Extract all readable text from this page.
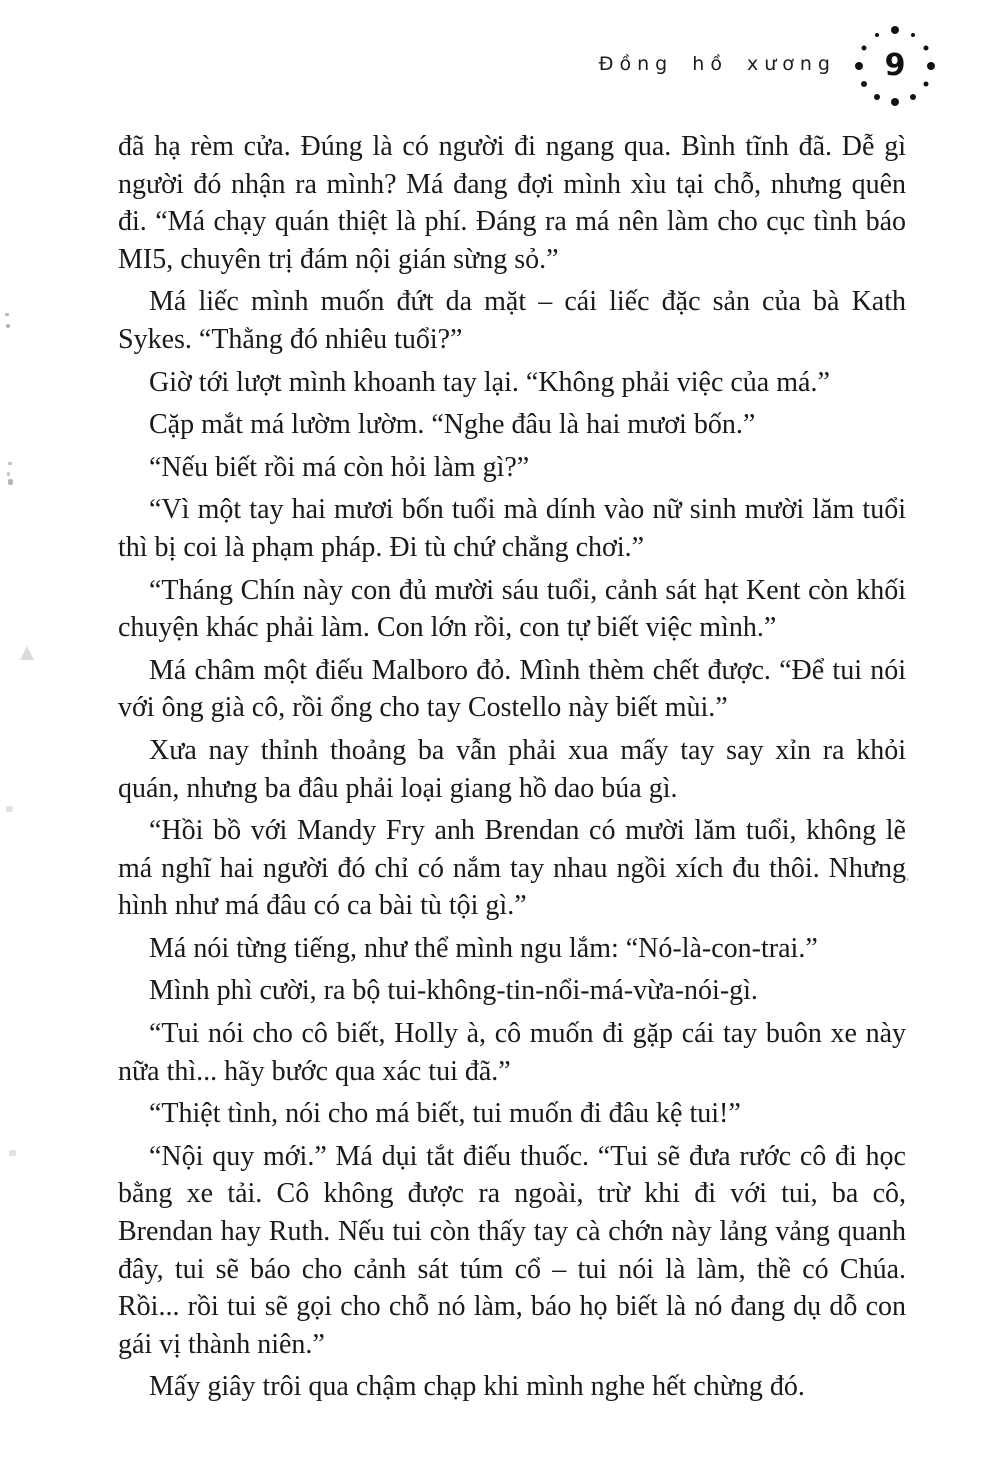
Đồng hồ xương 9

đã hạ rèm cửa. Đúng là có người đi ngang qua. Bình tĩnh đã. Dễ gì người đó nhận ra mình? Má đang đợi mình xìu tại chỗ, nhưng quên đi. “Má chạy quán thiệt là phí. Đáng ra má nên làm cho cục tình báo MI5, chuyên trị đám nội gián sừng sỏ.”

Má liếc mình muốn đứt da mặt – cái liếc đặc sản của bà Kath Sykes. “Thằng đó nhiêu tuổi?”

Giờ tới lượt mình khoanh tay lại. “Không phải việc của má.”

Cặp mắt má lườm lườm. “Nghe đâu là hai mươi bốn.”

“Nếu biết rồi má còn hỏi làm gì?”

“Vì một tay hai mươi bốn tuổi mà dính vào nữ sinh mười lăm tuổi thì bị coi là phạm pháp. Đi tù chứ chẳng chơi.”

“Tháng Chín này con đủ mười sáu tuổi, cảnh sát hạt Kent còn khối chuyện khác phải làm. Con lớn rồi, con tự biết việc mình.”

Má châm một điếu Malboro đỏ. Mình thèm chết được. “Để tui nói với ông già cô, rồi ổng cho tay Costello này biết mùi.”

Xưa nay thỉnh thoảng ba vẫn phải xua mấy tay say xỉn ra khỏi quán, nhưng ba đâu phải loại giang hồ dao búa gì.

“Hồi bồ với Mandy Fry anh Brendan có mười lăm tuổi, không lẽ má nghĩ hai người đó chỉ có nắm tay nhau ngồi xích đu thôi. Nhưng hình như má đâu có ca bài tù tội gì.”

Má nói từng tiếng, như thể mình ngu lắm: “Nó-là-con-trai.”

Mình phì cười, ra bộ tui-không-tin-nổi-má-vừa-nói-gì.

“Tui nói cho cô biết, Holly à, cô muốn đi gặp cái tay buôn xe này nữa thì... hãy bước qua xác tui đã.”

“Thiệt tình, nói cho má biết, tui muốn đi đâu kệ tui!”

“Nội quy mới.” Má dụi tắt điếu thuốc. “Tui sẽ đưa rước cô đi học bằng xe tải. Cô không được ra ngoài, trừ khi đi với tui, ba cô, Brendan hay Ruth. Nếu tui còn thấy tay cà chớn này lảng vảng quanh đây, tui sẽ báo cho cảnh sát túm cổ – tui nói là làm, thề có Chúa. Rồi... rồi tui sẽ gọi cho chỗ nó làm, báo họ biết là nó đang dụ dỗ con gái vị thành niên.”

Mấy giây trôi qua chậm chạp khi mình nghe hết chừng đó.
